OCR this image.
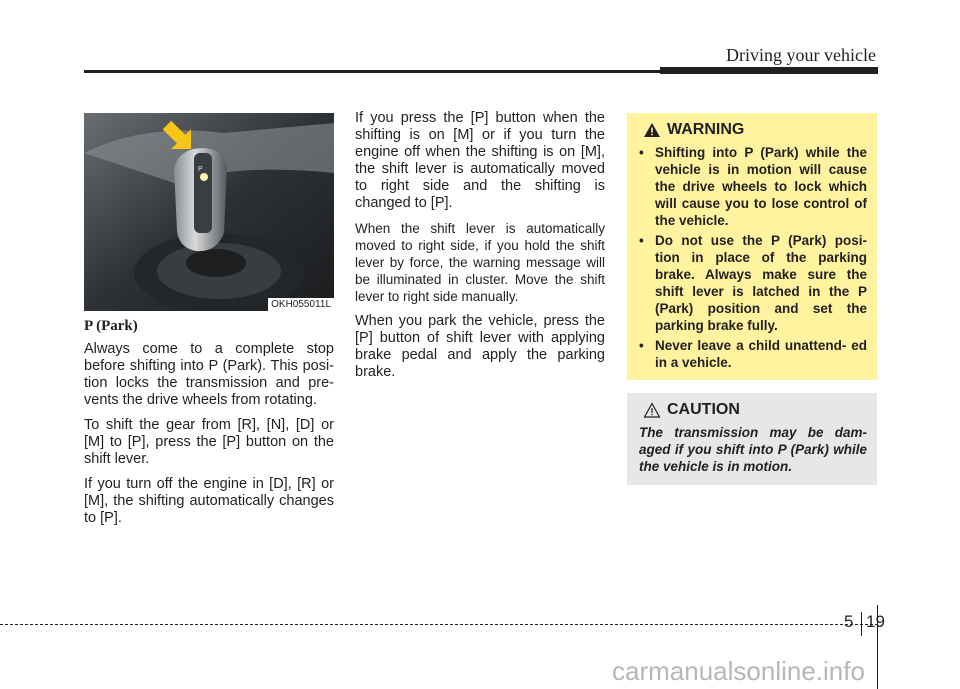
Driving your vehicle
P
OKH055011L
P (Park)

Always come to a complete stop before shifting into P (Park). This posi- tion locks the transmission and pre- vents the drive wheels from rotating.

To shift the gear from [R], [N], [D] or [M] to [P], press the [P] button on the shift lever.

If you turn off the engine in [D], [R] or [M], the shifting automatically changes to [P].

If you press the [P] button when the shifting is on [M] or if you turn the engine off when the shifting is on [M], the shift lever is automatically moved to right side and the shifting is changed to [P].

When the shift lever is automatically moved to right side, if you hold the shift lever by force, the warning message will be illuminated in cluster. Move the shift lever to right side manually.

When you park the vehicle, press the [P] button of shift lever with applying brake pedal and apply the parking brake.

WARNING
• Shifting into P (Park) while the vehicle is in motion will cause the drive wheels to lock which will cause you to lose control of the vehicle.
• Do not use the P (Park) posi- tion in place of the parking brake. Always make sure the shift lever is latched in the P (Park) position and set the parking brake fully.
• Never leave a child unattend- ed in a vehicle.
CAUTION
The transmission may be dam- aged if you shift into P (Park) while the vehicle is in motion.
5 19
carmanualsonline.info
